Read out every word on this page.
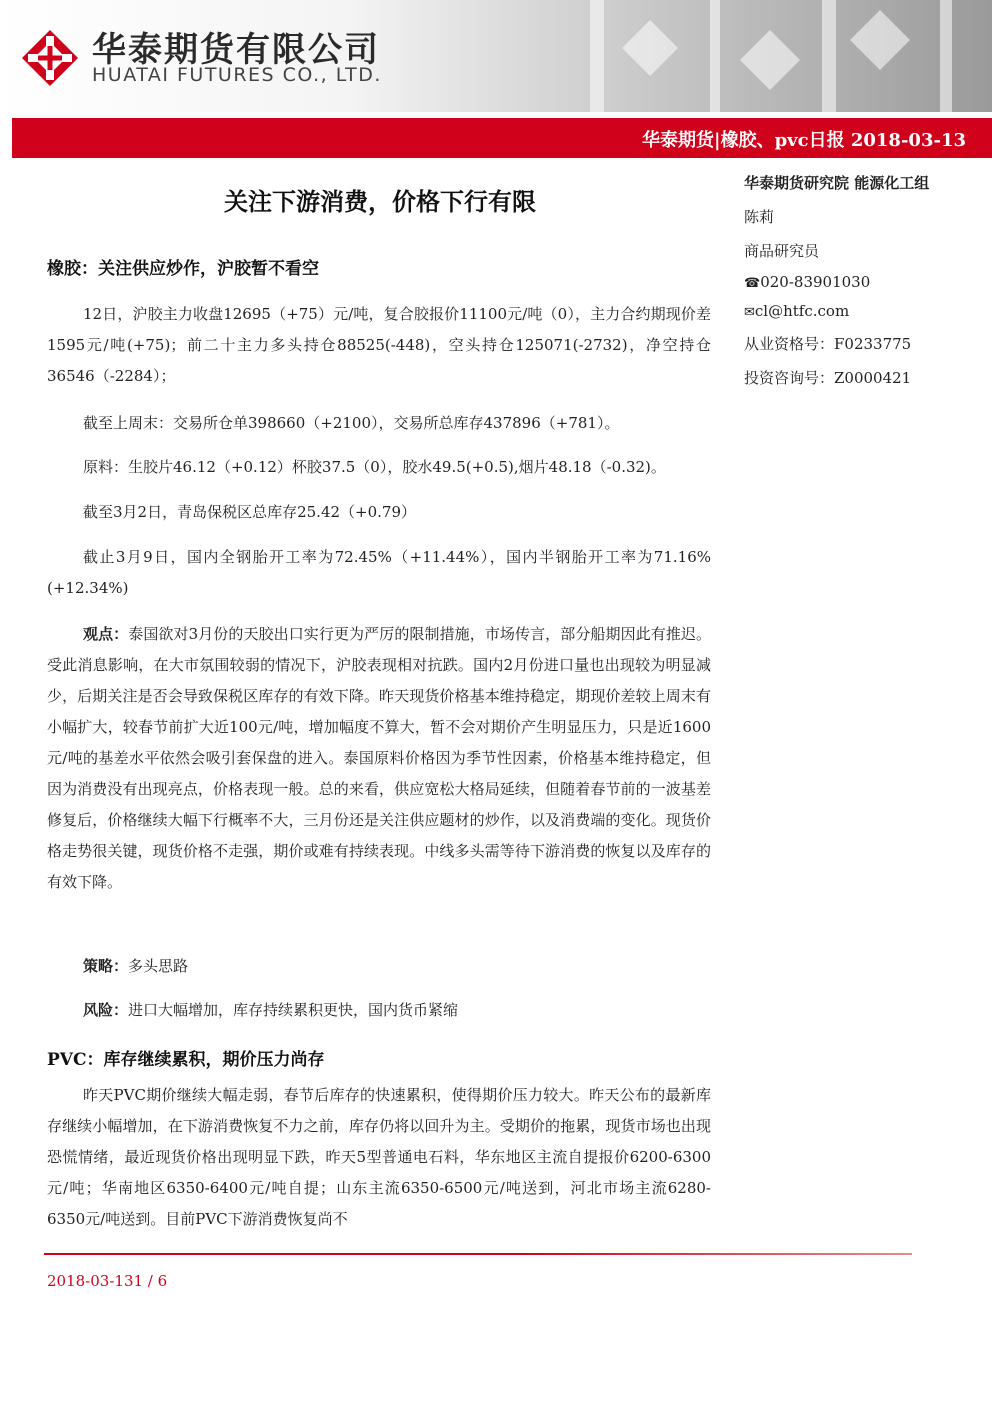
华泰期货有限公司

HUATAI FUTURES CO., LTD.

华泰期货|橡胶、pvc日报 2018-03-13
关注下游消费，价格下行有限
华泰期货研究院 能源化工组
陈莉
商品研究员
☎020-83901030
✉cl@htfc.com
从业资格号：F0233775
投资咨询号：Z0000421
橡胶：关注供应炒作，沪胶暂不看空

12日，沪胶主力收盘12695（+75）元/吨，复合胶报价11100元/吨（0），主力合约期现价差1595元/吨(+75)；前二十主力多头持仓88525(-448)，空头持仓125071(-2732)，净空持仓36546（-2284）；

截至上周末：交易所仓单398660（+2100），交易所总库存437896（+781）。

原料：生胶片46.12（+0.12）杯胶37.5（0），胶水49.5(+0.5),烟片48.18（-0.32)。

截至3月2日，青岛保税区总库存25.42（+0.79）

截止3月9日，国内全钢胎开工率为72.45%（+11.44%），国内半钢胎开工率为71.16%(+12.34%)

观点：泰国欲对3月份的天胶出口实行更为严厉的限制措施，市场传言，部分船期因此有推迟。受此消息影响，在大市氛围较弱的情况下，沪胶表现相对抗跌。国内2月份进口量也出现较为明显减少，后期关注是否会导致保税区库存的有效下降。昨天现货价格基本维持稳定，期现价差较上周末有小幅扩大，较春节前扩大近100元/吨，增加幅度不算大，暂不会对期价产生明显压力，只是近1600元/吨的基差水平依然会吸引套保盘的进入。泰国原料价格因为季节性因素，价格基本维持稳定，但因为消费没有出现亮点，价格表现一般。总的来看，供应宽松大格局延续，但随着春节前的一波基差修复后，价格继续大幅下行概率不大，三月份还是关注供应题材的炒作，以及消费端的变化。现货价格走势很关键，现货价格不走强，期价或难有持续表现。中线多头需等待下游消费的恢复以及库存的有效下降。

策略：多头思路

风险：进口大幅增加，库存持续累积更快，国内货币紧缩

PVC：库存继续累积，期价压力尚存

昨天PVC期价继续大幅走弱，春节后库存的快速累积，使得期价压力较大。昨天公布的最新库存继续小幅增加，在下游消费恢复不力之前，库存仍将以回升为主。受期价的拖累，现货市场也出现恐慌情绪，最近现货价格出现明显下跌，昨天5型普通电石料，华东地区主流自提报价6200-6300元/吨；华南地区6350-6400元/吨自提；山东主流6350-6500元/吨送到，河北市场主流6280-6350元/吨送到。目前PVC下游消费恢复尚不

2018-03-131 / 6
